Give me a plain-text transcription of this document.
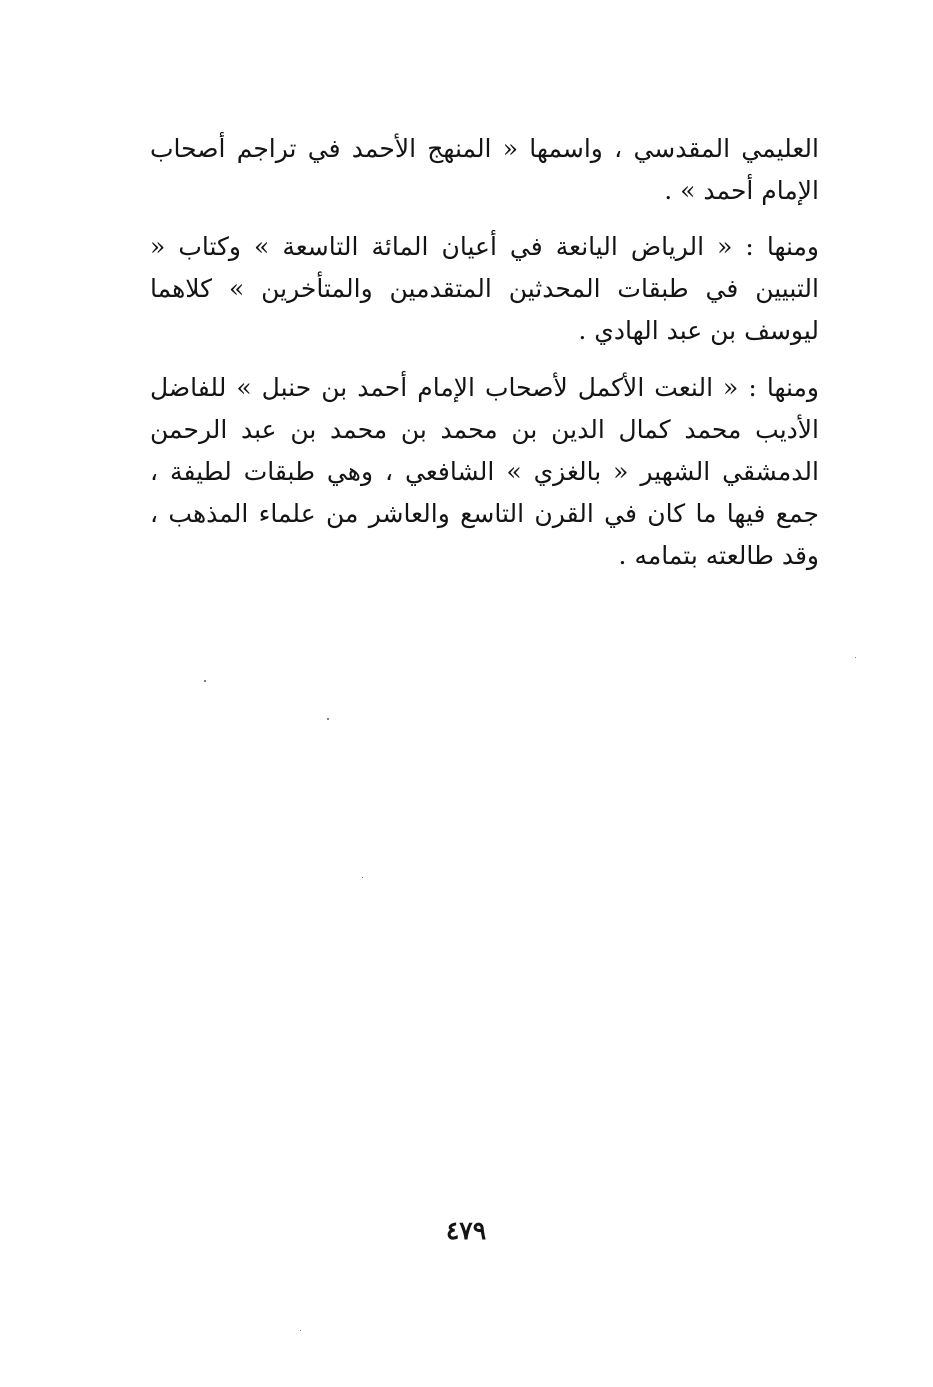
العليمي المقدسي ، واسمها « المنهج الأحمد في تراجم أصحاب الإمام أحمد » .

ومنها : « الرياض اليانعة في أعيان المائة التاسعة » وكتاب « التبيين في طبقات المحدثين المتقدمين والمتأخرين » كلاهما ليوسف بن عبد الهادي .

ومنها : « النعت الأكمل لأصحاب الإمام أحمد بن حنبل » للفاضل الأديب محمد كمال الدين بن محمد بن محمد بن عبد الرحمن الدمشقي الشهير « بالغزي » الشافعي ، وهي طبقات لطيفة ، جمع فيها ما كان في القرن التاسع والعاشر من علماء المذهب ، وقد طالعته بتمامه .

٤٧٩
